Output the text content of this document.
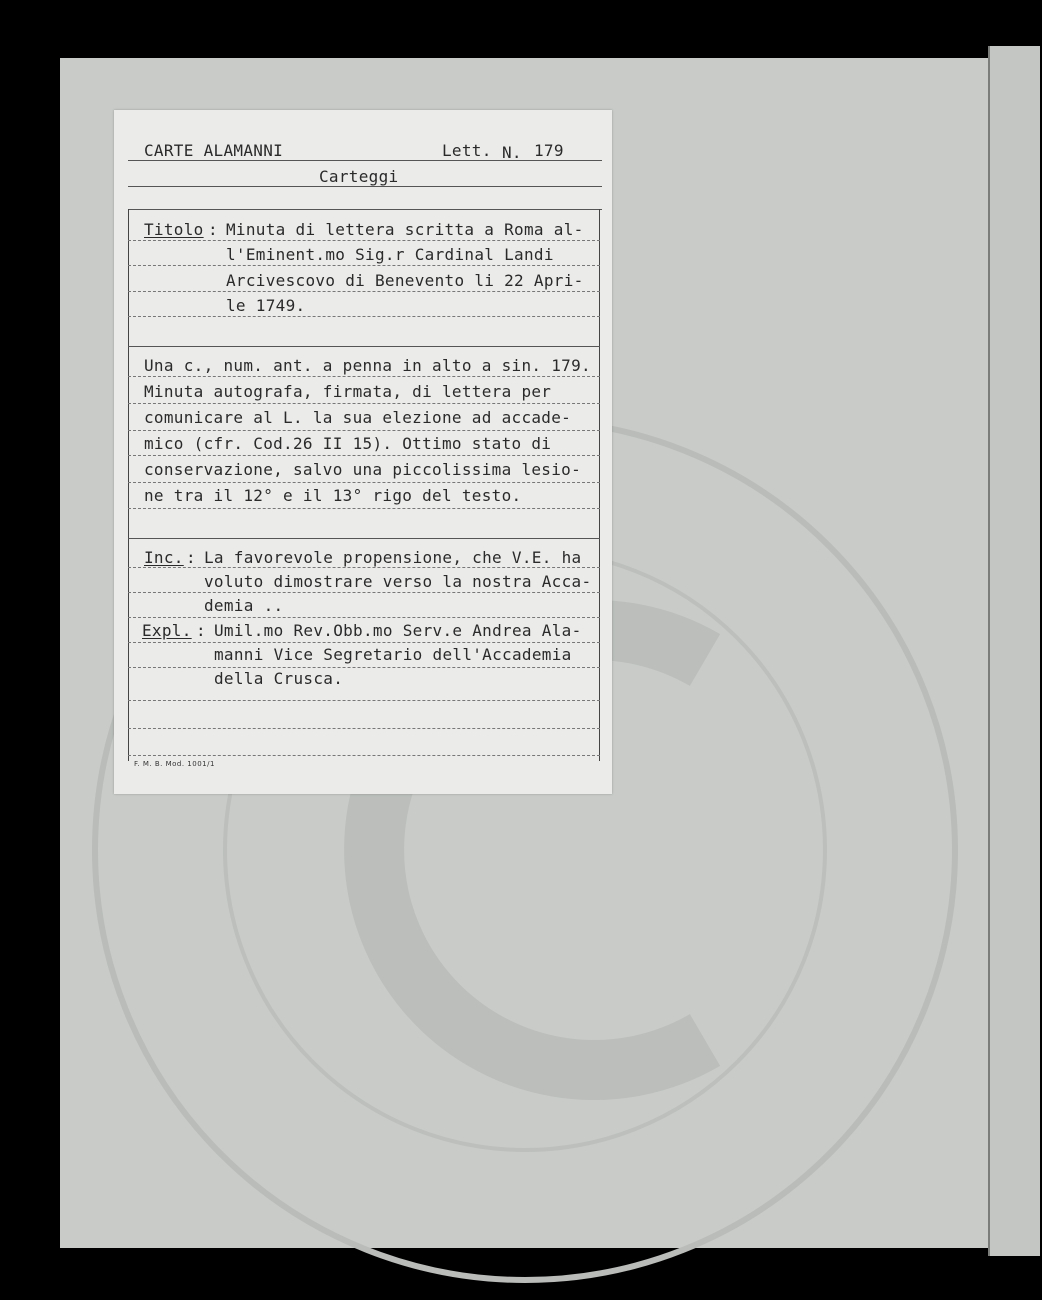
CARTE ALAMANNI	Lett. N. 179
Carteggi
Titolo : Minuta di lettera scritta a Roma al-
l'Eminent.mo Sig.r Cardinal Landi
Arcivescovo di Benevento li 22 Apri-
le 1749.
Una c., num. ant. a penna in alto a sin. 179.
Minuta autografa, firmata, di lettera per
comunicare al L. la sua elezione ad accade-
mico (cfr. Cod.26 II 15). Ottimo stato di
conservazione, salvo una piccolissima lesio-
ne tra il 12° e il 13° rigo del testo.
Inc. : La favorevole propensione, che V.E. ha
voluto dimostrare verso la nostra Acca-
demia ..
Expl. : Umil.mo Rev.Obb.mo Serv.e Andrea Ala-
manni Vice Segretario dell'Accademia
della Crusca.
F. M. B. Mod. 1001/1
